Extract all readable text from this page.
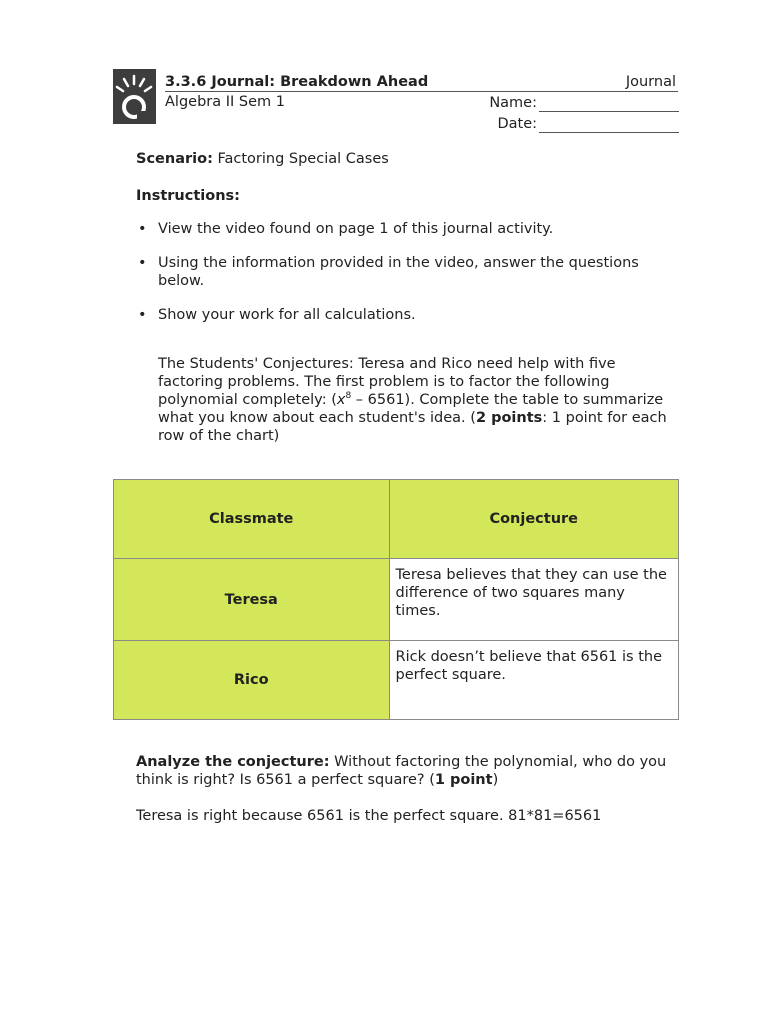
3.3.6 Journal: Breakdown Ahead	Journal
Algebra II Sem 1	Name:
Date:
Scenario: Factoring Special Cases
Instructions:
• View the video found on page 1 of this journal activity.
• Using the information provided in the video, answer the questions below.
• Show your work for all calculations.
The Students' Conjectures: Teresa and Rico need help with five factoring problems. The first problem is to factor the following polynomial completely: $(x^8 - 6561)$. Complete the table to summarize what you know about each student's idea. (2 points: 1 point for each row of the chart)
Classmate	Conjecture
Teresa	Teresa believes that they can use the difference of two squares many times.
Rico	Rick doesn’t believe that 6561 is the perfect square.
Analyze the conjecture: Without factoring the polynomial, who do you think is right? Is 6561 a perfect square? (1 point)
Teresa is right because 6561 is the perfect square. 81*81=6561
